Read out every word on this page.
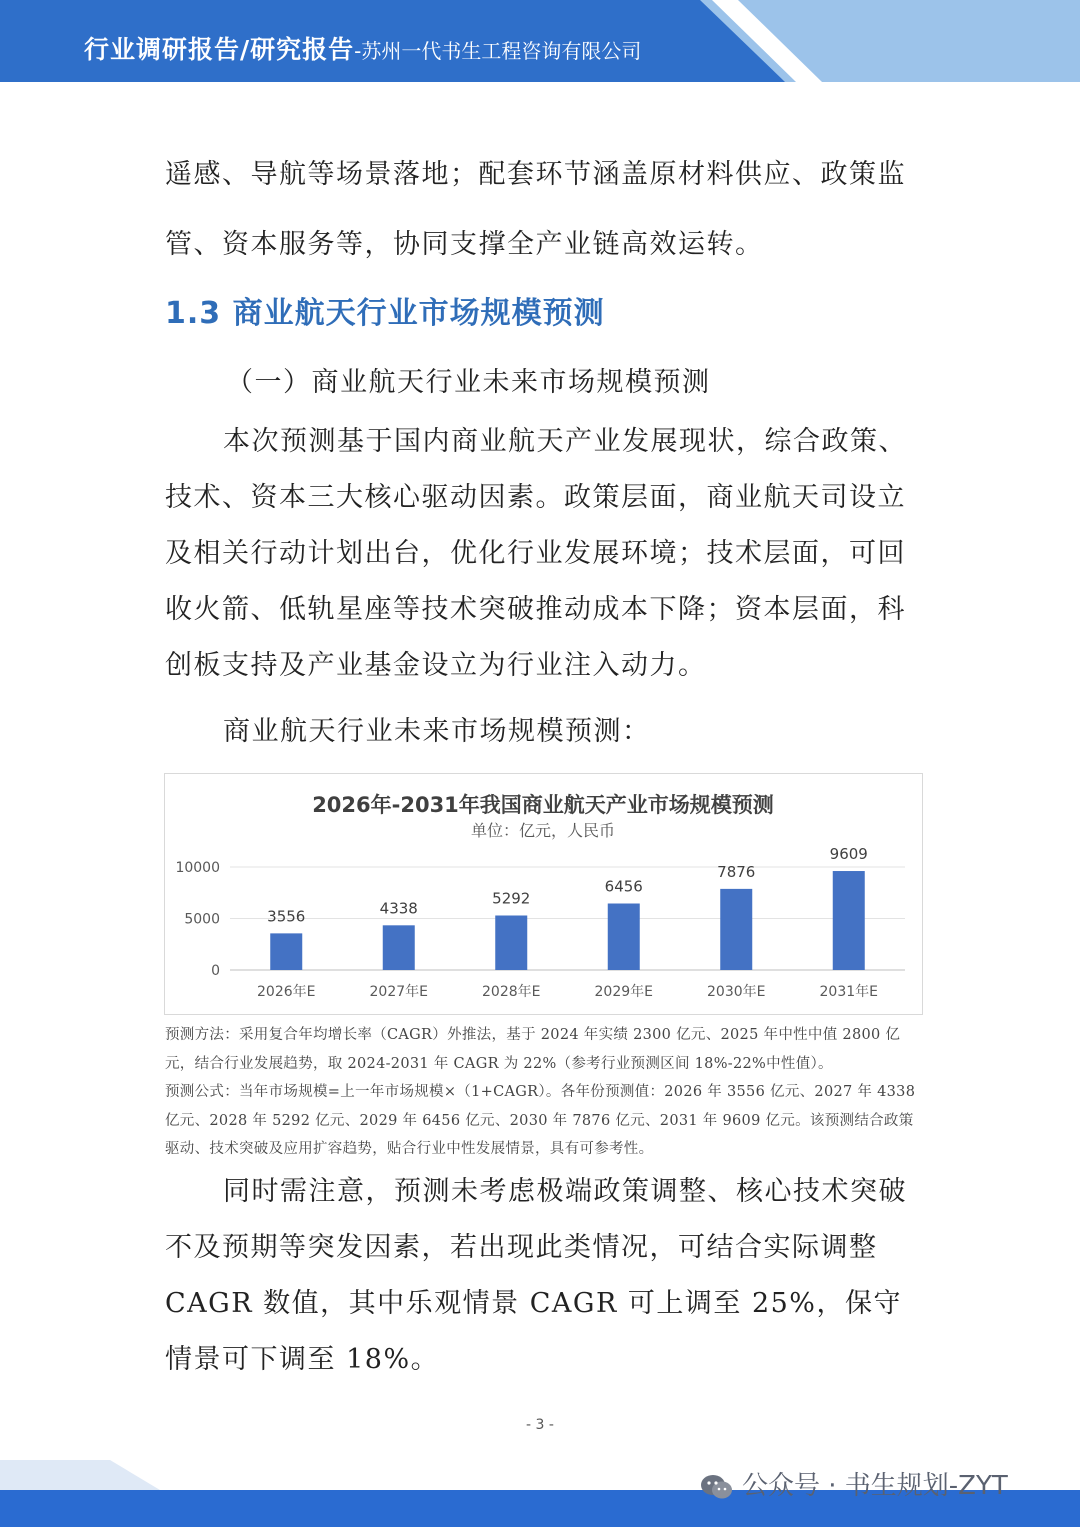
行业调研报告/研究报告-苏州一代书生工程咨询有限公司
遥感、导航等场景落地；配套环节涵盖原材料供应、政策监
管、资本服务等，协同支撑全产业链高效运转。
1.3 商业航天行业市场规模预测
（一）商业航天行业未来市场规模预测
本次预测基于国内商业航天产业发展现状，综合政策、技术、资本三大核心驱动因素。政策层面，商业航天司设立及相关行动计划出台，优化行业发展环境；技术层面，可回收火箭、低轨星座等技术突破推动成本下降；资本层面，科创板支持及产业基金设立为行业注入动力。
商业航天行业未来市场规模预测：
2026年-2031年我国商业航天产业市场规模预测
单位：亿元，人民币
10000
5000
0
3556	4338
5292
6456
7876
9609
2026年E	2027年E	2028年E	2029年E	2030年E	2031年E
预测方法：采用复合年均增长率（CAGR）外推法，基于 2024 年实绩 2300 亿元、2025 年中性中值 2800 亿元，结合行业发展趋势，取 2024-2031 年 CAGR 为 22%（参考行业预测区间 18%-22%中性值）。
预测公式：当年市场规模=上一年市场规模×（1+CAGR）。各年份预测值：2026 年 3556 亿元、2027 年 4338 亿元、2028 年 5292 亿元、2029 年 6456 亿元、2030 年 7876 亿元、2031 年 9609 亿元。该预测结合政策驱动、技术突破及应用扩容趋势，贴合行业中性发展情景，具有可参考性。
同时需注意，预测未考虑极端政策调整、核心技术突破不及预期等突发因素，若出现此类情况，可结合实际调整 CAGR 数值，其中乐观情景 CAGR 可上调至 25%，保守情景可下调至 18%。
- 3 -
公众号 · 书生规划-ZYT
